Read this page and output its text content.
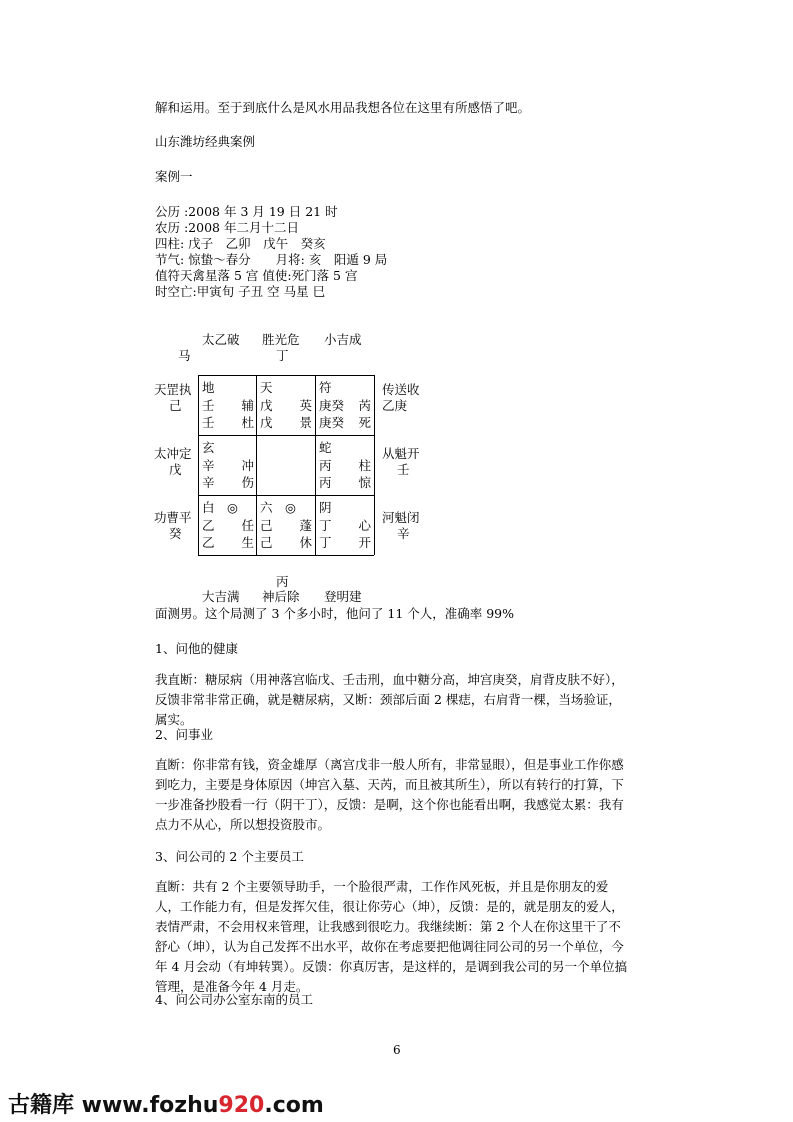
解和运用。至于到底什么是风水用品我想各位在这里有所感悟了吧。
山东潍坊经典案例
案例一
公历 :2008 年 3 月 19 日 21 时
农历 :2008 年二月十二日
四柱: 戊子　乙卯　戊午　癸亥
节气: 惊蛰～春分　　月将: 亥　阳遁 9 局
值符天禽星落 5 宫 值使:死门落 5 宫
时空亡:甲寅旬 子丑 空 马星 巳
太乙破 胜光危 小吉成
马	丁
天罡执
己
太冲定
戊
功曹平
癸
传送收
乙庚
从魁开
壬
河魁闭
辛
地
壬 辅
壬 杜
天
戊 英
戊 景
符
庚癸 芮
庚癸 死
玄
辛 冲
辛 伤
蛇
丙 柱
丙 惊
白　◎
乙 任
乙 生
六　◎
己 蓬
己 休
阴
丁 心
丁 开
丙
大吉满 神后除 登明建
面测男。这个局测了 3 个多小时，他问了 11 个人，准确率 99%
1、问他的健康
我直断：糖尿病（用神落宫临戊、壬击刑，血中糖分高，坤宫庚癸，肩背皮肤不好），反馈非常非常正确，就是糖尿病，又断：颈部后面 2 棵痣，右肩背一棵，当场验证，属实。
2、问事业
直断：你非常有钱，资金雄厚（离宫戊非一般人所有，非常显眼），但是事业工作你感到吃力，主要是身体原因（坤宫入墓、天芮，而且被其所生），所以有转行的打算，下一步准备抄股看一行（阴干丁），反馈：是啊，这个你也能看出啊，我感觉太累：我有点力不从心，所以想投资股市。
3、问公司的 2 个主要员工
直断：共有 2 个主要领导助手，一个脸很严肃，工作作风死板，并且是你朋友的爱人，工作能力有，但是发挥欠佳，很让你劳心（坤），反馈：是的，就是朋友的爱人，表情严肃，不会用权来管理，让我感到很吃力。我继续断：第 2 个人在你这里干了不舒心（坤），认为自己发挥不出水平，故你在考虑要把他调往同公司的另一个单位，今年 4 月会动（有坤转巽）。反馈：你真厉害，是这样的，是调到我公司的另一个单位搞管理，是准备今年 4 月走。
4、问公司办公室东南的员工
6
古籍库 www.fozhu920.com
